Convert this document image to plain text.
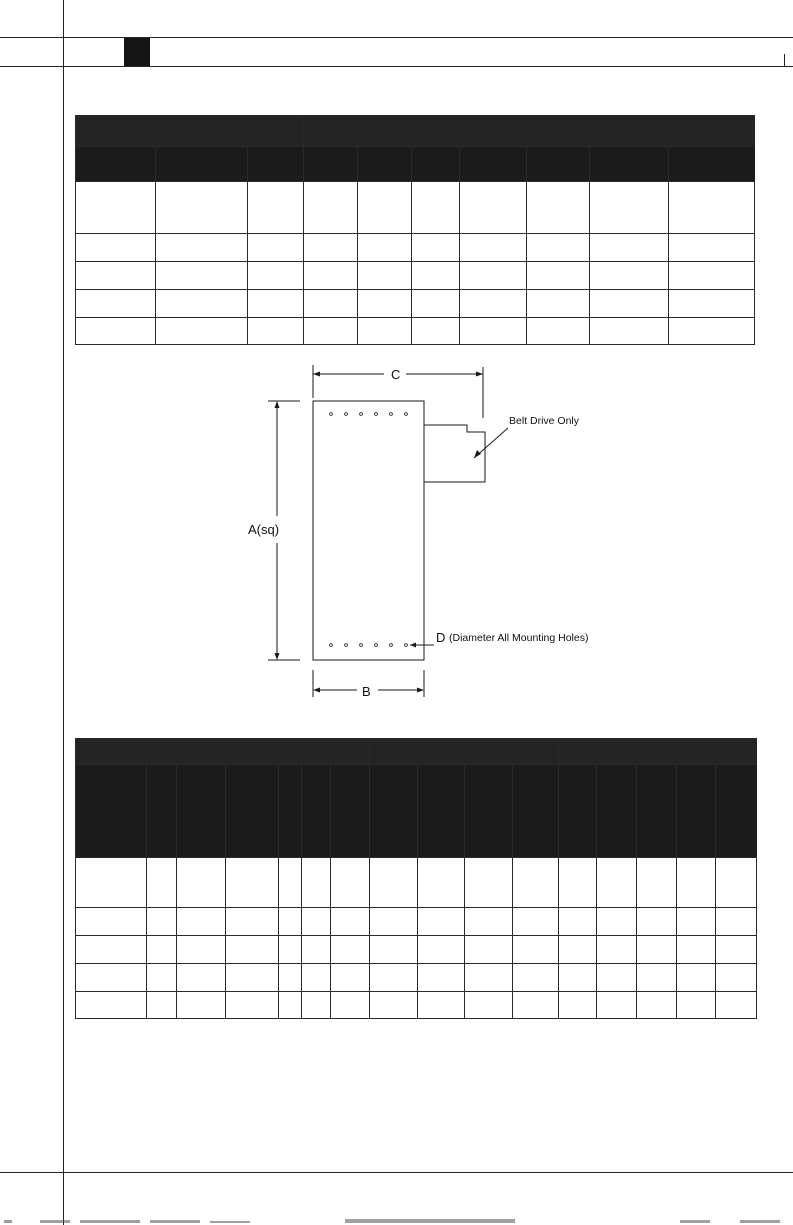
C
A(sq)
B
D (Diameter All Mounting Holes)
Belt Drive Only
